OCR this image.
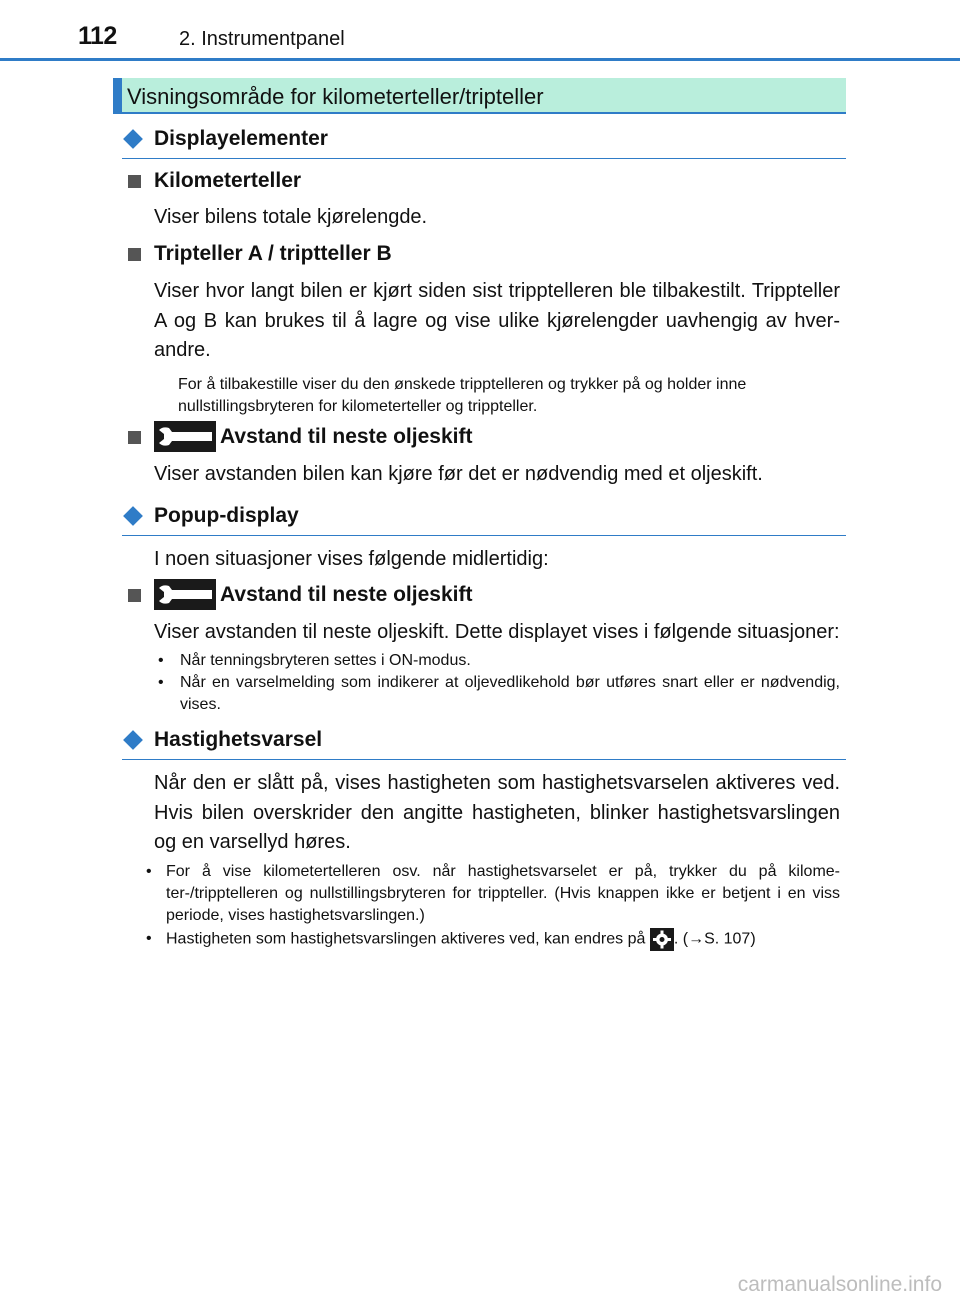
112	2. Instrumentpanel
Visningsområde for kilometerteller/tripteller
Displayelementer
Kilometerteller
Viser bilens totale kjørelengde.
Tripteller A / triptteller B
Viser hvor langt bilen er kjørt siden sist tripptelleren ble tilbakestilt. Trippteller A og B kan brukes til å lagre og vise ulike kjørelengder uavhengig av hver-andre.
For å tilbakestille viser du den ønskede tripptelleren og trykker på og holder inne nullstillingsbryteren for kilometerteller og trippteller.
Avstand til neste oljeskift
Viser avstanden bilen kan kjøre før det er nødvendig med et oljeskift.
Popup-display
I noen situasjoner vises følgende midlertidig:
Avstand til neste oljeskift
Viser avstanden til neste oljeskift. Dette displayet vises i følgende situasjoner:
• Når tenningsbryteren settes i ON-modus.
•	Når en varselmelding som indikerer at oljevedlikehold bør utføres snart eller er nødvendig, vises.
Hastighetsvarsel
Når den er slått på, vises hastigheten som hastighetsvarselen aktiveres ved. Hvis bilen overskrider den angitte hastigheten, blinker hastighetsvarslingen og en varsellyd høres.
• For å vise kilometertelleren osv. når hastighetsvarselet er på, trykker du på kilome-ter-/tripptelleren og nullstillingsbryteren for trippteller. (Hvis knappen ikke er betjent i en viss periode, vises hastighetsvarslingen.)
• Hastigheten som hastighetsvarslingen aktiveres ved, kan endres på . (→S. 107)
carmanualsonline.info
